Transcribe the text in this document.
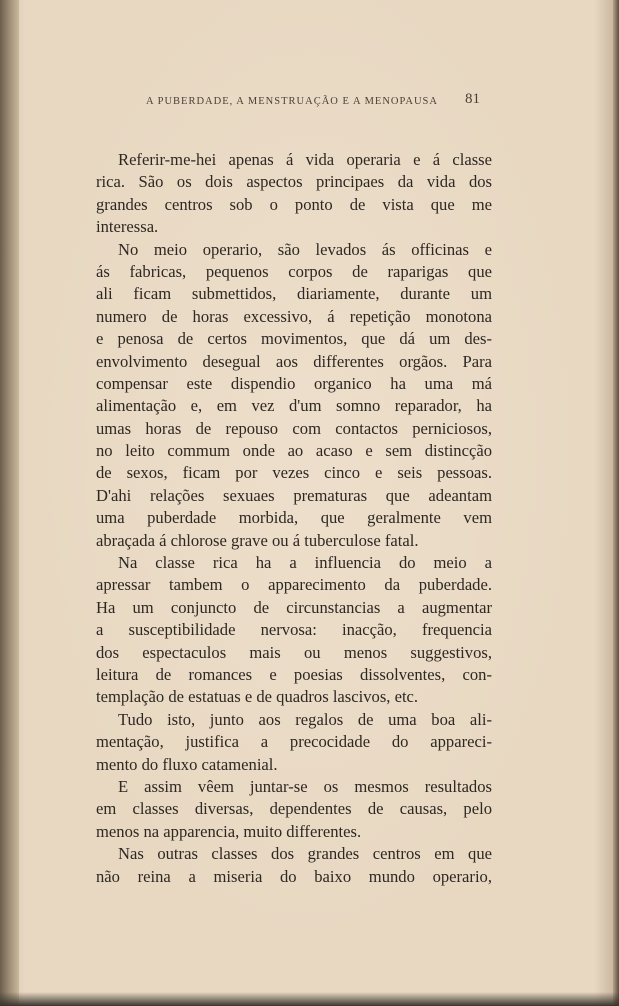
A PUBERDADE, A MENSTRUAÇÃO E A MENOPAUSA 81
Referir-me-hei apenas á vida operaria e á classe
rica. São os dois aspectos principaes da vida dos
grandes centros sob o ponto de vista que me
interessa.
No meio operario, são levados ás officinas e
ás fabricas, pequenos corpos de raparigas que
ali ficam submettidos, diariamente, durante um
numero de horas excessivo, á repetição monotona
e penosa de certos movimentos, que dá um des-
envolvimento desegual aos differentes orgãos. Para
compensar este dispendio organico ha uma má
alimentação e, em vez d'um somno reparador, ha
umas horas de repouso com contactos perniciosos,
no leito commum onde ao acaso e sem distincção
de sexos, ficam por vezes cinco e seis pessoas.
D'ahi relações sexuaes prematuras que adeantam
uma puberdade morbida, que geralmente vem
abraçada á chlorose grave ou á tuberculose fatal.
Na classe rica ha a influencia do meio a
apressar tambem o apparecimento da puberdade.
Ha um conjuncto de circunstancias a augmentar
a susceptibilidade nervosa: inacção, frequencia
dos espectaculos mais ou menos suggestivos,
leitura de romances e poesias dissolventes, con-
templação de estatuas e de quadros lascivos, etc.
Tudo isto, junto aos regalos de uma boa ali-
mentação, justifica a precocidade do appareci-
mento do fluxo catamenial.
E assim vêem juntar-se os mesmos resultados
em classes diversas, dependentes de causas, pelo
menos na apparencia, muito differentes.
Nas outras classes dos grandes centros em que
não reina a miseria do baixo mundo operario,
